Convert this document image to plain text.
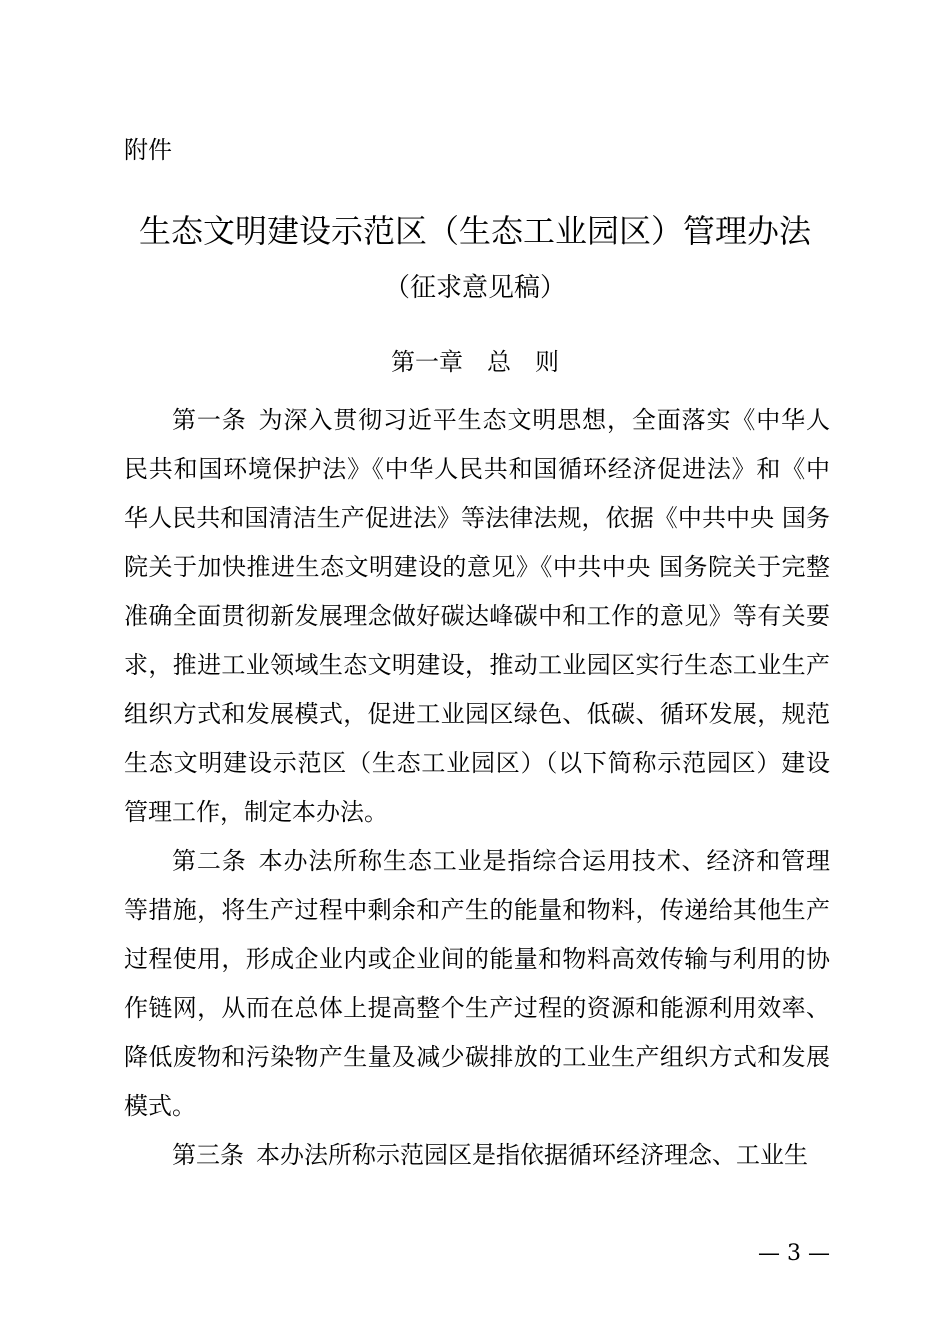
附件
生态文明建设示范区（生态工业园区）管理办法
（征求意见稿）
第一章　总　则

第一条 为深入贯彻习近平生态文明思想，全面落实《中华人民共和国环境保护法》《中华人民共和国循环经济促进法》和《中华人民共和国清洁生产促进法》等法律法规，依据《中共中央 国务院关于加快推进生态文明建设的意见》《中共中央 国务院关于完整准确全面贯彻新发展理念做好碳达峰碳中和工作的意见》等有关要求，推进工业领域生态文明建设，推动工业园区实行生态工业生产组织方式和发展模式，促进工业园区绿色、低碳、循环发展，规范生态文明建设示范区（生态工业园区）（以下简称示范园区）建设管理工作，制定本办法。

第二条 本办法所称生态工业是指综合运用技术、经济和管理等措施，将生产过程中剩余和产生的能量和物料，传递给其他生产过程使用，形成企业内或企业间的能量和物料高效传输与利用的协作链网，从而在总体上提高整个生产过程的资源和能源利用效率、降低废物和污染物产生量及减少碳排放的工业生产组织方式和发展模式。

第三条 本办法所称示范园区是指依据循环经济理念、工业生

— 3 —
